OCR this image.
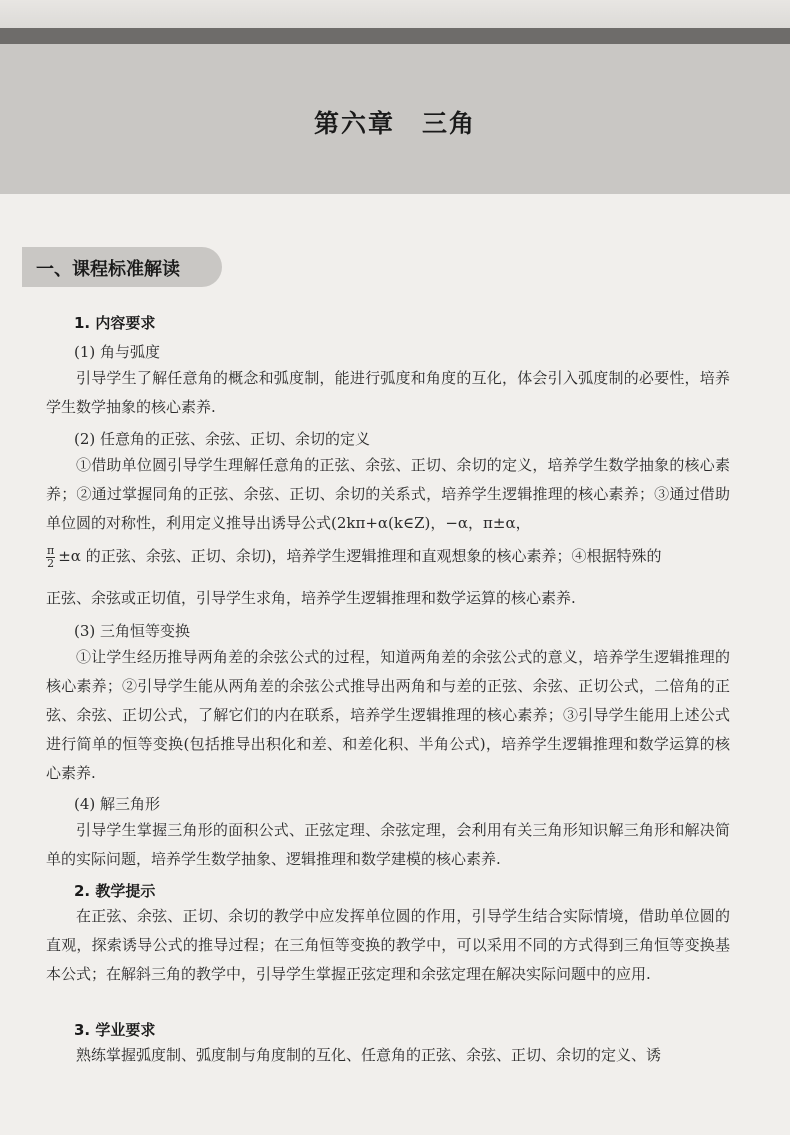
第六章　三角
一、课程标准解读
1. 内容要求
(1) 角与弧度
引导学生了解任意角的概念和弧度制，能进行弧度和角度的互化，体会引入弧度制的必要性，培养学生数学抽象的核心素养.
(2) 任意角的正弦、余弦、正切、余切的定义
①借助单位圆引导学生理解任意角的正弦、余弦、正切、余切的定义，培养学生数学抽象的核心素养；②通过掌握同角的正弦、余弦、正切、余切的关系式，培养学生逻辑推理的核心素养；③通过借助单位圆的对称性，利用定义推导出诱导公式(2kπ+α(k∈Z)，−α，π±α，
$\frac{\pi}{2} \pm\alpha$ 的正弦、余弦、正切、余切)，培养学生逻辑推理和直观想象的核心素养；④根据特殊的
正弦、余弦或正切值，引导学生求角，培养学生逻辑推理和数学运算的核心素养.
(3) 三角恒等变换
①让学生经历推导两角差的余弦公式的过程，知道两角差的余弦公式的意义，培养学生逻辑推理的核心素养；②引导学生能从两角差的余弦公式推导出两角和与差的正弦、余弦、正切公式，二倍角的正弦、余弦、正切公式，了解它们的内在联系，培养学生逻辑推理的核心素养；③引导学生能用上述公式进行简单的恒等变换(包括推导出积化和差、和差化积、半角公式)，培养学生逻辑推理和数学运算的核心素养.
(4) 解三角形
引导学生掌握三角形的面积公式、正弦定理、余弦定理，会利用有关三角形知识解三角形和解决简单的实际问题，培养学生数学抽象、逻辑推理和数学建模的核心素养.
2. 教学提示
在正弦、余弦、正切、余切的教学中应发挥单位圆的作用，引导学生结合实际情境，借助单位圆的直观，探索诱导公式的推导过程；在三角恒等变换的教学中，可以采用不同的方式得到三角恒等变换基本公式；在解斜三角的教学中，引导学生掌握正弦定理和余弦定理在解决实际问题中的应用.
3. 学业要求
熟练掌握弧度制、弧度制与角度制的互化、任意角的正弦、余弦、正切、余切的定义、诱
